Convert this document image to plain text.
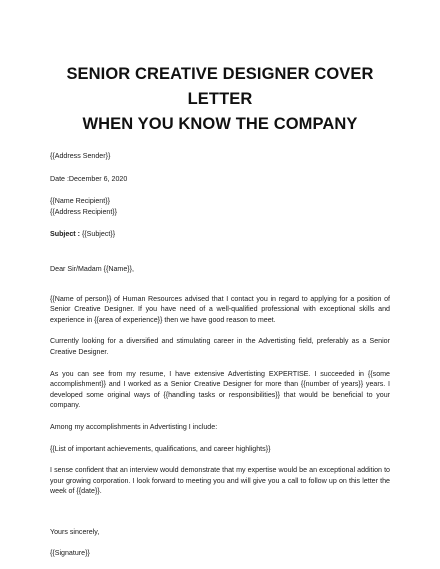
SENIOR CREATIVE DESIGNER COVER LETTER
WHEN YOU KNOW THE COMPANY

{{Address Sender}}

Date :December 6, 2020

{{Name Recipient}}

{{Address Recipient}}

Subject : {{Subject}}

Dear Sir/Madam {{Name}},

{{Name of person}} of Human Resources advised that I contact you in regard to applying for a position of Senior Creative Designer. If you have need of a well-qualified professional with exceptional skills and experience in {{area of experience}} then we have good reason to meet.

Currently looking for a diversified and stimulating career in the Advertisting field, preferably as a Senior Creative Designer.

As you can see from my resume, I have extensive Advertisting EXPERTISE. I succeeded in {{some accomplishment}} and I worked as a Senior Creative Designer for more than {{number of years}} years. I developed some original ways of {{handling tasks or responsibilities}} that would be beneficial to your company.

Among my accomplishments in Advertisting I include:

{{List of important achievements, qualifications, and career highlights}}

I sense confident that an interview would demonstrate that my expertise would be an exceptional addition to your growing corporation. I look forward to meeting you and will give you a call to follow up on this letter the week of {{date}}.

Yours sincerely,

{{Signature}}
